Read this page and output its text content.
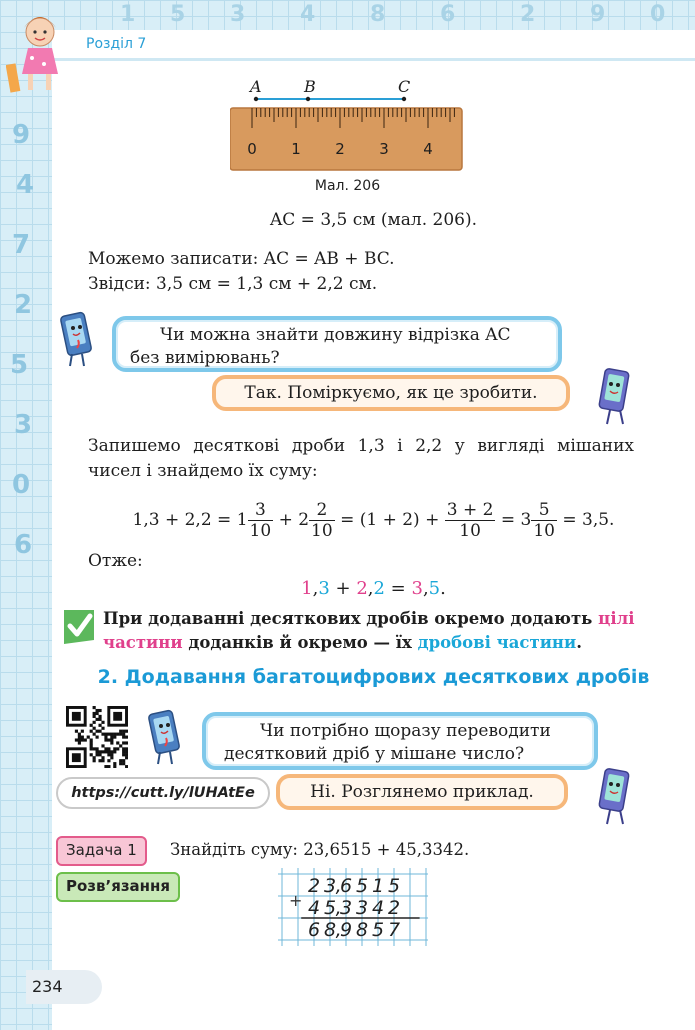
1 5 3 4 8 6	2 9 0
9
4
7
2
5
3
0
6
Розділ 7
A	B	C
0 1 2 3 4
Мал. 206
AC = 3,5 см (мал. 206).
Можемо записати: AC = AB + BC.
Звідси: 3,5 см = 1,3 см + 2,2 см.
Чи можна знайти довжину відрізка AC
без вимірювань?
Так. Поміркуємо, як це зробити.
Запишемо десяткові дроби 1,3 і 2,2 у вигляді мішаних
чисел і знайдемо їх суму:
$1,3 + 2,2 = 1 \frac{3}{10} + 2 \frac{2}{10} = (1 + 2) + \frac{3 + 2}{10} = 3 \frac{5}{10} = 3,5$.
Отже:
1,3 + 2,2 = 3,5.
При додаванні десяткових дробів окремо додають цілі частини доданків й окремо — їх дробові частини.
2. Додавання багатоцифрових десяткових дробів
https://cutt.ly/lUHAtEe
Чи потрібно щоразу переводити
десятковий дріб у мішане число?
Ні. Розглянемо приклад.
Задача 1	Знайдіть суму: 23,6515 + 45,3342.
Розв’язання
+
2 3 ,
6 5 1 5
4 5 ,
3 3 4 2
6 8 ,
9 8 5 7
234
